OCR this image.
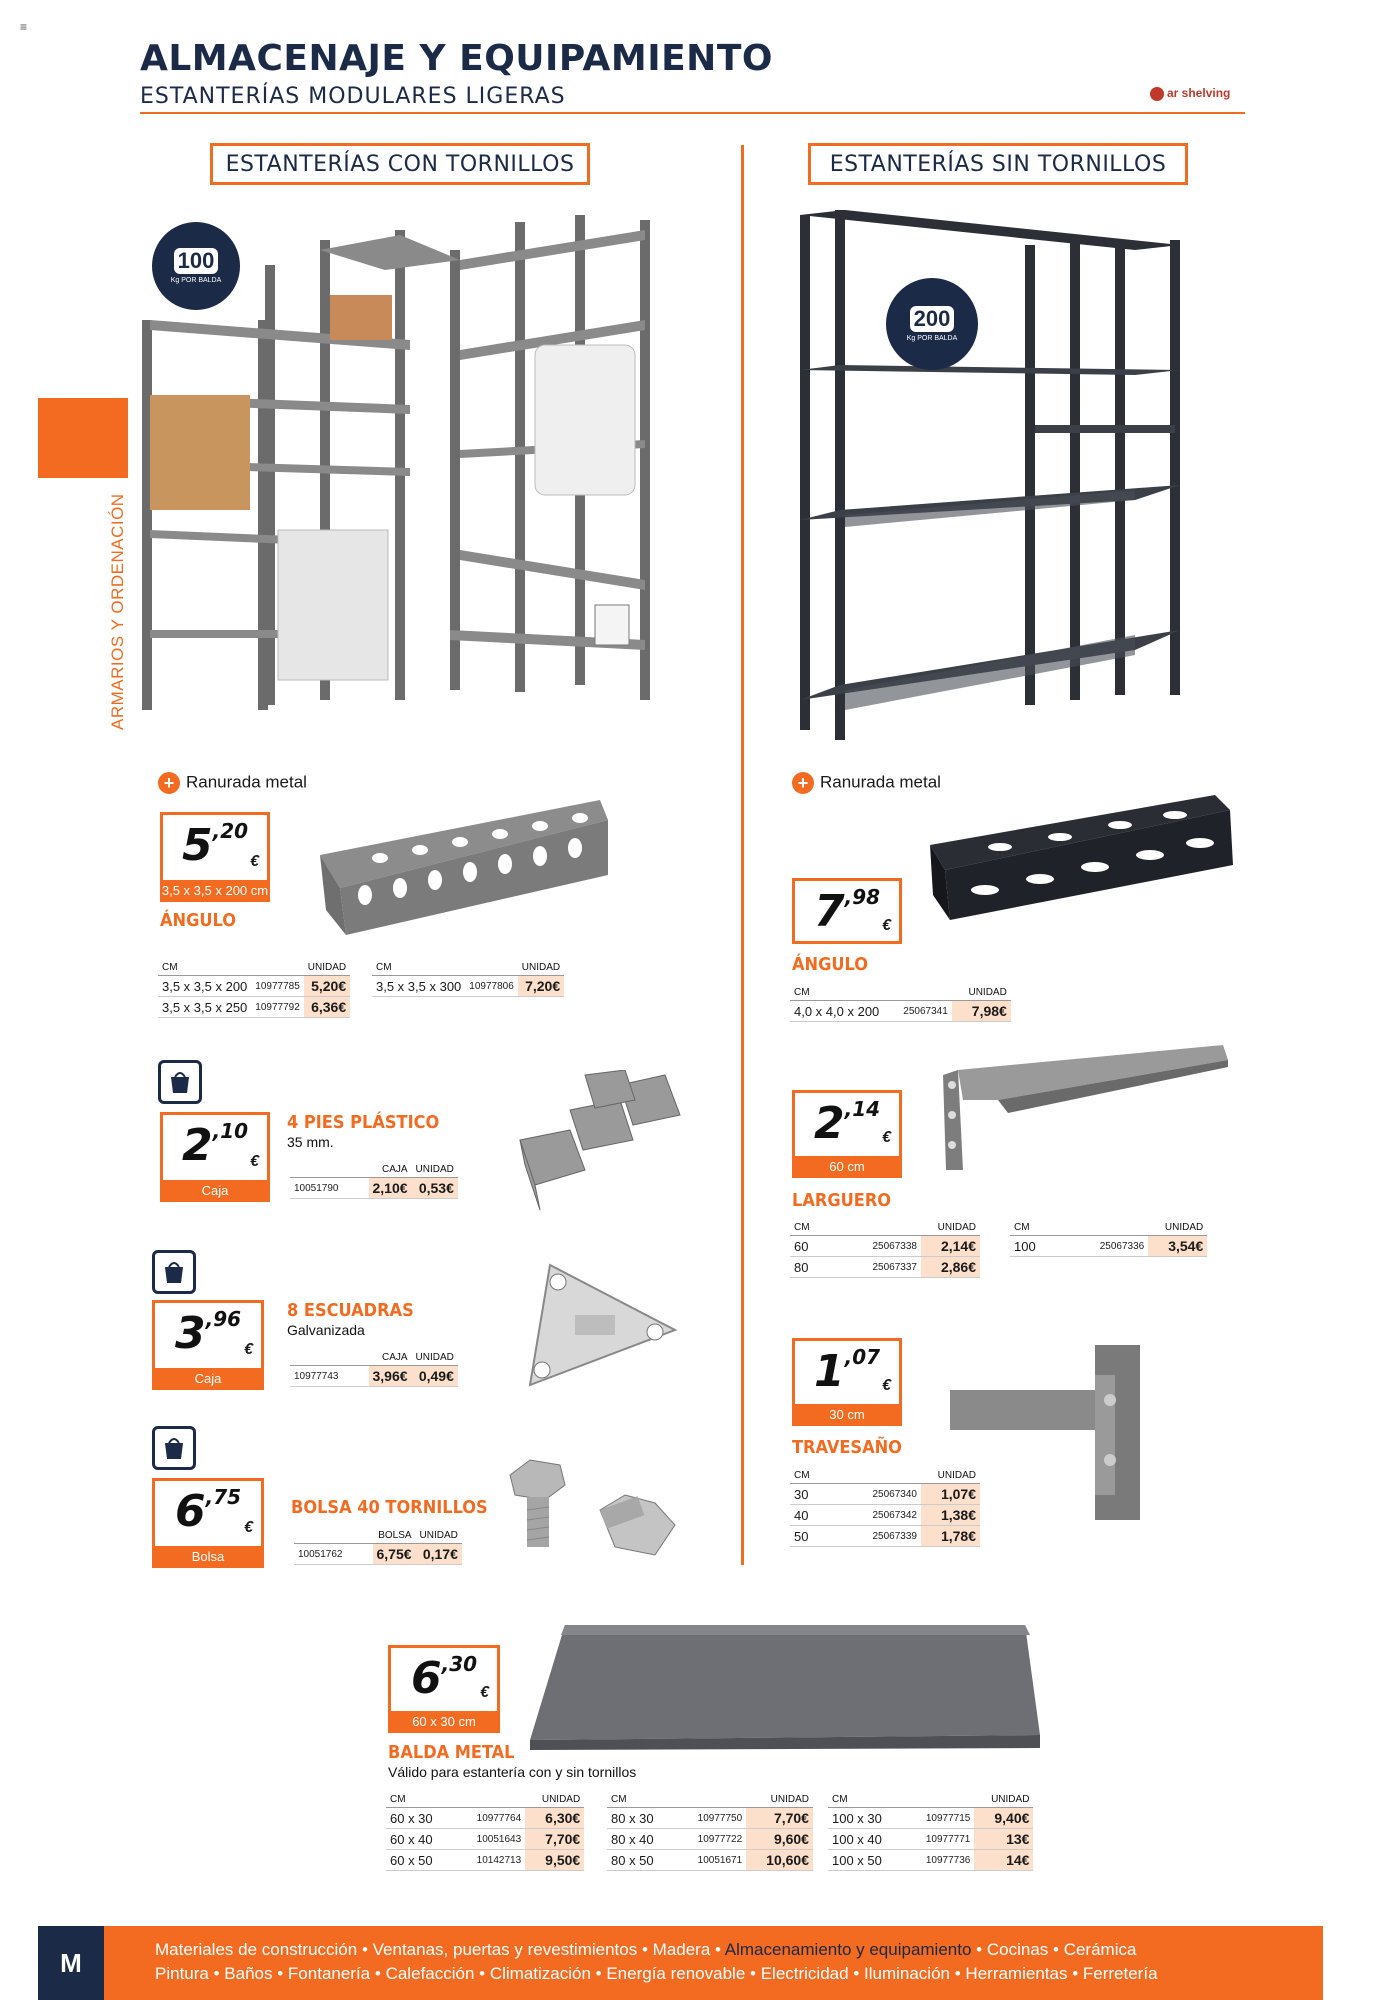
≡
ALMACENAJE Y EQUIPAMIENTO
ESTANTERÍAS MODULARES LIGERAS	ar shelving
ARMARIOS Y ORDENACIÓN
ESTANTERÍAS CON TORNILLOS
100
Kg POR BALDA
+ Ranurada metal
5,20
€
3,5 x 3,5 x 200 cm
ÁNGULO
CM		UNIDAD
3,5 x 3,5 x 200	10977785	5,20€
3,5 x 3,5 x 250	10977792	6,36€
CM		UNIDAD
3,5 x 3,5 x 300	10977806	7,20€
2,10
€
Caja
4 PIES PLÁSTICO
35 mm.
	CAJA	UNIDAD
10051790	2,10€	0,53€
3,96
€
Caja
8 ESCUADRAS
Galvanizada
	CAJA	UNIDAD
10977743	3,96€	0,49€
6,75
€
Bolsa
BOLSA 40 TORNILLOS
	BOLSA	UNIDAD
10051762	6,75€	0,17€
ESTANTERÍAS SIN TORNILLOS
200
Kg POR BALDA
+ Ranurada metal
7,98
€
ÁNGULO
CM		UNIDAD
4,0 x 4,0 x 200	25067341	7,98€
2,14
€
60 cm
LARGUERO
CM		UNIDAD
60	25067338	2,14€
80	25067337	2,86€
CM		UNIDAD
100	25067336	3,54€
1,07
€
30 cm
TRAVESAÑO
CM		UNIDAD
30	25067340	1,07€
40	25067342	1,38€
50	25067339	1,78€
6,30
€
60 x 30 cm
BALDA METAL
Válido para estantería con y sin tornillos
CM		UNIDAD
60 x 30	10977764	6,30€
60 x 40	10051643	7,70€
60 x 50	10142713	9,50€
CM		UNIDAD
80 x 30	10977750	7,70€
80 x 40	10977722	9,60€
80 x 50	10051671	10,60€
CM		UNIDAD
100 x 30	10977715	9,40€
100 x 40	10977771	13€
100 x 50	10977736	14€
M	Materiales de construcción • Ventanas, puertas y revestimientos • Madera • Almacenamiento y equipamiento • Cocinas • Cerámica
Pintura • Baños • Fontanería • Calefacción • Climatización • Energía renovable • Electricidad • Iluminación • Herramientas • Ferretería
